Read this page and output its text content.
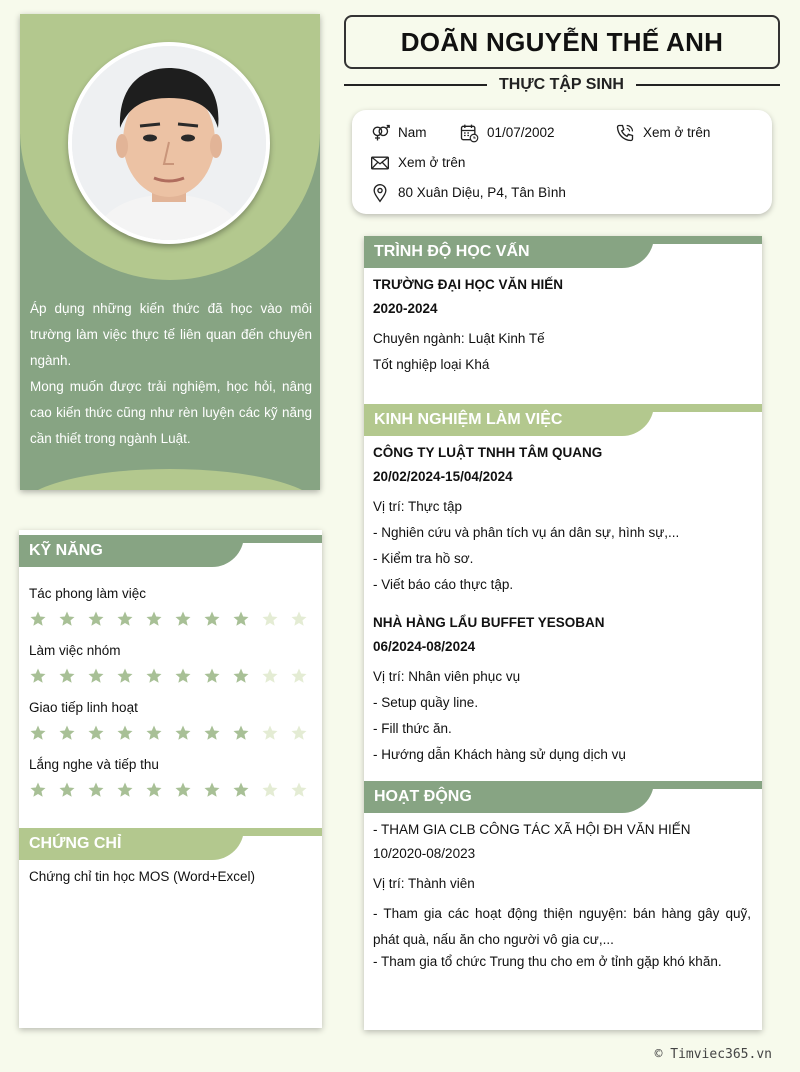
Áp dụng những kiến thức đã học vào môi trường làm việc thực tế liên quan đến chuyên ngành.

Mong muốn được trải nghiệm, học hỏi, nâng cao kiến thức cũng như rèn luyện các kỹ năng cần thiết trong ngành Luật.

DOÃN NGUYỄN THẾ ANH
THỰC TẬP SINH
Nam	01/07/2002	Xem ở trên
Xem ở trên
80 Xuân Diệu, P4, Tân Bình
KỸ NĂNG
Tác phong làm việc
Làm việc nhóm
Giao tiếp linh hoạt
Lắng nghe và tiếp thu
CHỨNG CHỈ
Chứng chỉ tin học MOS (Word+Excel)
TRÌNH ĐỘ HỌC VẤN
TRƯỜNG ĐẠI HỌC VĂN HIẾN
2020-2024
Chuyên ngành: Luật Kinh Tế
Tốt nghiệp loại Khá
KINH NGHIỆM LÀM VIỆC
CÔNG TY LUẬT TNHH TÂM QUANG
20/02/2024-15/04/2024
Vị trí: Thực tập
- Nghiên cứu và phân tích vụ án dân sự, hình sự,...
- Kiểm tra hồ sơ.
- Viết báo cáo thực tập.
NHÀ HÀNG LẨU BUFFET YESOBAN
06/2024-08/2024
Vị trí: Nhân viên phục vụ
- Setup quầy line.
- Fill thức ăn.
- Hướng dẫn Khách hàng sử dụng dịch vụ
HOẠT ĐỘNG
- THAM GIA CLB CÔNG TÁC XÃ HỘI ĐH VĂN HIẾN
10/2020-08/2023
Vị trí: Thành viên
- Tham gia các hoạt động thiện nguyện: bán hàng gây quỹ, phát quà, nấu ăn cho người vô gia cư,...
- Tham gia tổ chức Trung thu cho em ở tỉnh gặp khó khăn.
© Timviec365.vn
